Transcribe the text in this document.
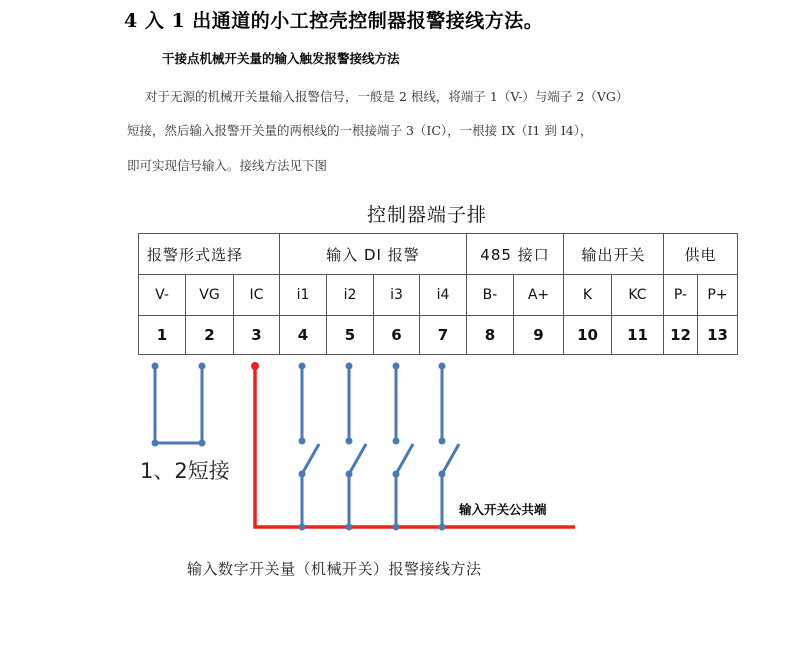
4 入 1 出通道的小工控壳控制器报警接线方法。
干接点机械开关量的输入触发报警接线方法
对于无源的机械开关量输入报警信号，一般是 2 根线，将端子 1（V-）与端子 2（VG）
短接，然后输入报警开关量的两根线的一根接端子 3（IC），一根接 IX（I1 到 I4），
即可实现信号输入。接线方法见下图
控制器端子排
报警形式选择			输入 DI 报警				485 接口		输出开关		供电	
V-	VG	IC	i1	i2	i3	i4	B-	A+	K	KC	P-	P+
1	2	3	4	5	6	7	8	9	10	11	12	13
1、2短接
输入开关公共端
输入数字开关量（机械开关）报警接线方法
